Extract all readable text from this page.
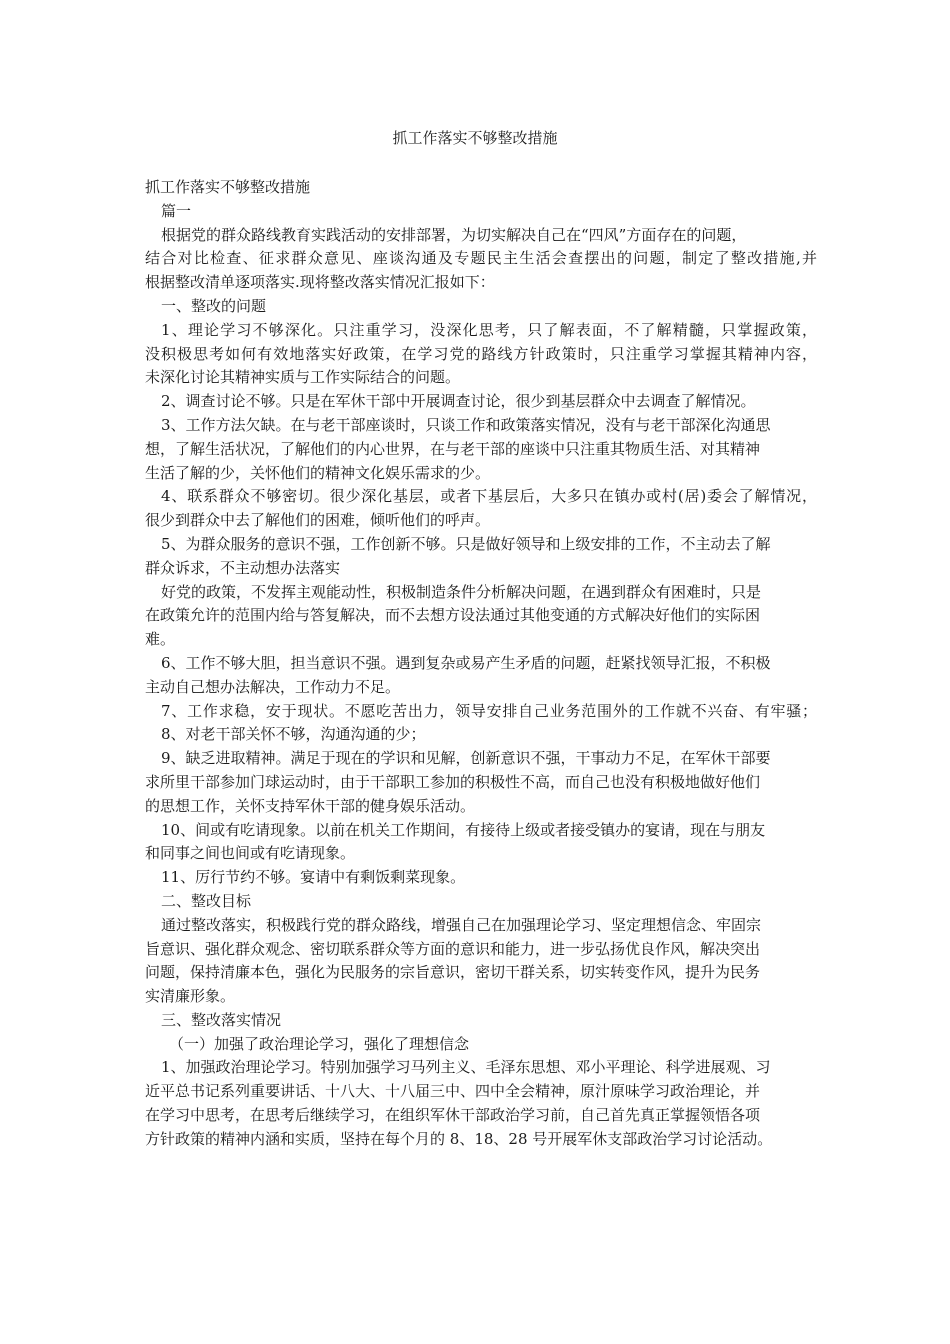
抓工作落实不够整改措施

抓工作落实不够整改措施

篇一

根据党的群众路线教育实践活动的安排部署，为切实解决自己在“四风”方面存在的问题，

结合对比检查、征求群众意见、座谈沟通及专题民主生活会查摆出的问题，制定了整改措施,并

根据整改清单逐项落实.现将整改落实情况汇报如下：

一、整改的问题

1、理论学习不够深化。只注重学习，没深化思考，只了解表面，不了解精髓，只掌握政策，

没积极思考如何有效地落实好政策，在学习党的路线方针政策时，只注重学习掌握其精神内容，

未深化讨论其精神实质与工作实际结合的问题。

2、调查讨论不够。只是在军休干部中开展调查讨论，很少到基层群众中去调查了解情况。

3、工作方法欠缺。在与老干部座谈时，只谈工作和政策落实情况，没有与老干部深化沟通思

想，了解生活状况，了解他们的内心世界，在与老干部的座谈中只注重其物质生活、对其精神

生活了解的少，关怀他们的精神文化娱乐需求的少。

4、联系群众不够密切。很少深化基层，或者下基层后，大多只在镇办或村(居)委会了解情况，

很少到群众中去了解他们的困难，倾听他们的呼声。

5、为群众服务的意识不强，工作创新不够。只是做好领导和上级安排的工作，不主动去了解

群众诉求，不主动想办法落实

好党的政策，不发挥主观能动性，积极制造条件分析解决问题，在遇到群众有困难时，只是

在政策允许的范围内给与答复解决，而不去想方设法通过其他变通的方式解决好他们的实际困

难。

6、工作不够大胆，担当意识不强。遇到复杂或易产生矛盾的问题，赶紧找领导汇报，不积极

主动自己想办法解决，工作动力不足。

7、工作求稳，安于现状。不愿吃苦出力，领导安排自己业务范围外的工作就不兴奋、有牢骚；

8、对老干部关怀不够，沟通沟通的少；

9、缺乏进取精神。满足于现在的学识和见解，创新意识不强，干事动力不足，在军休干部要

求所里干部参加门球运动时，由于干部职工参加的积极性不高，而自己也没有积极地做好他们

的思想工作，关怀支持军休干部的健身娱乐活动。

10、间或有吃请现象。以前在机关工作期间，有接待上级或者接受镇办的宴请，现在与朋友

和同事之间也间或有吃请现象。

11、厉行节约不够。宴请中有剩饭剩菜现象。

二、整改目标

通过整改落实，积极践行党的群众路线，增强自己在加强理论学习、坚定理想信念、牢固宗

旨意识、强化群众观念、密切联系群众等方面的意识和能力，进一步弘扬优良作风，解决突出

问题，保持清廉本色，强化为民服务的宗旨意识，密切干群关系，切实转变作风，提升为民务

实清廉形象。

三、整改落实情况

（一）加强了政治理论学习，强化了理想信念

1、加强政治理论学习。特别加强学习马列主义、毛泽东思想、邓小平理论、科学进展观、习

近平总书记系列重要讲话、十八大、十八届三中、四中全会精神，原汁原味学习政治理论，并

在学习中思考，在思考后继续学习，在组织军休干部政治学习前，自己首先真正掌握领悟各项

方针政策的精神内涵和实质，坚持在每个月的 8、18、28 号开展军休支部政治学习讨论活动。
